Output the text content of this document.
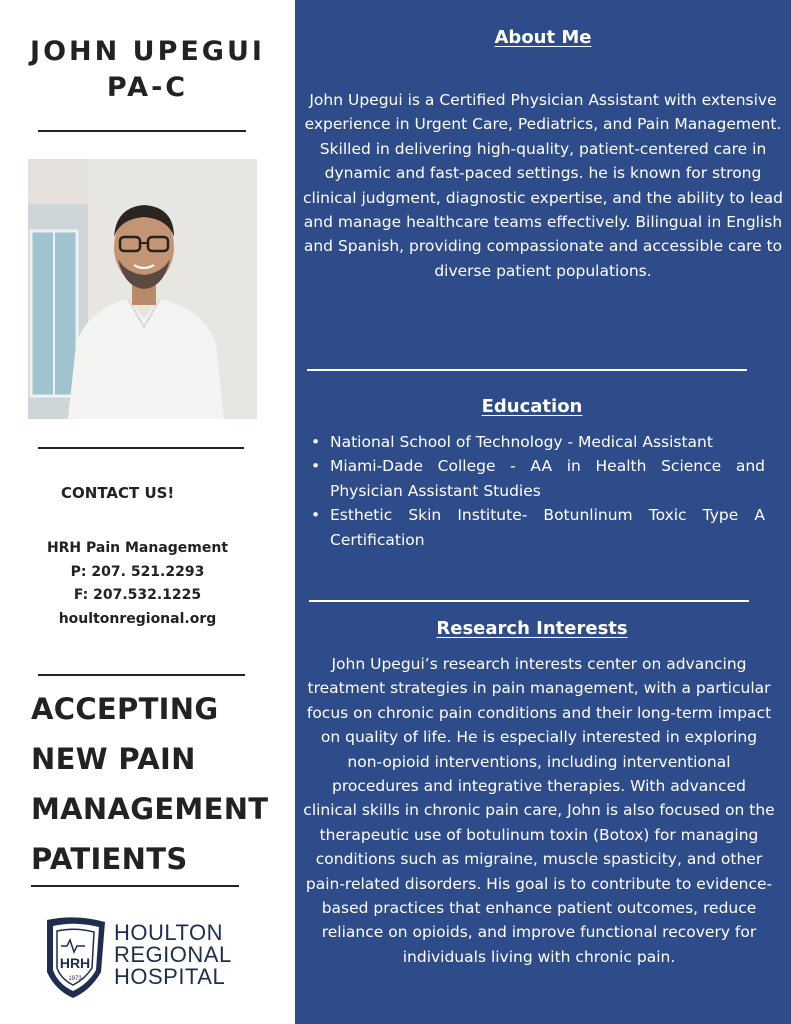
JOHN UPEGUI
PA-C
CONTACT US!
HRH Pain Management
P: 207. 521.2293
F: 207.532.1225
houltonregional.org
ACCEPTING
NEW PAIN
MANAGEMENT
PATIENTS
HRH
1973
HOULTON
REGIONAL
HOSPITAL
About Me
John Upegui is a Certified Physician Assistant with extensive experience in Urgent Care, Pediatrics, and Pain Management. Skilled in delivering high-quality, patient-centered care in dynamic and fast-paced settings. he is known for strong clinical judgment, diagnostic expertise, and the ability to lead and manage healthcare teams effectively. Bilingual in English and Spanish, providing compassionate and accessible care to diverse patient populations.
Education
• National School of Technology - Medical Assistant
• Miami-Dade College - AA in Health Science and Physician Assistant Studies
• Esthetic Skin Institute- Botunlinum Toxic Type A Certification
Research Interests
John Upegui’s research interests center on advancing treatment strategies in pain management, with a particular focus on chronic pain conditions and their long-term impact on quality of life. He is especially interested in exploring non-opioid interventions, including interventional procedures and integrative therapies. With advanced clinical skills in chronic pain care, John is also focused on the therapeutic use of botulinum toxin (Botox) for managing conditions such as migraine, muscle spasticity, and other pain-related disorders. His goal is to contribute to evidence-based practices that enhance patient outcomes, reduce reliance on opioids, and improve functional recovery for individuals living with chronic pain.
